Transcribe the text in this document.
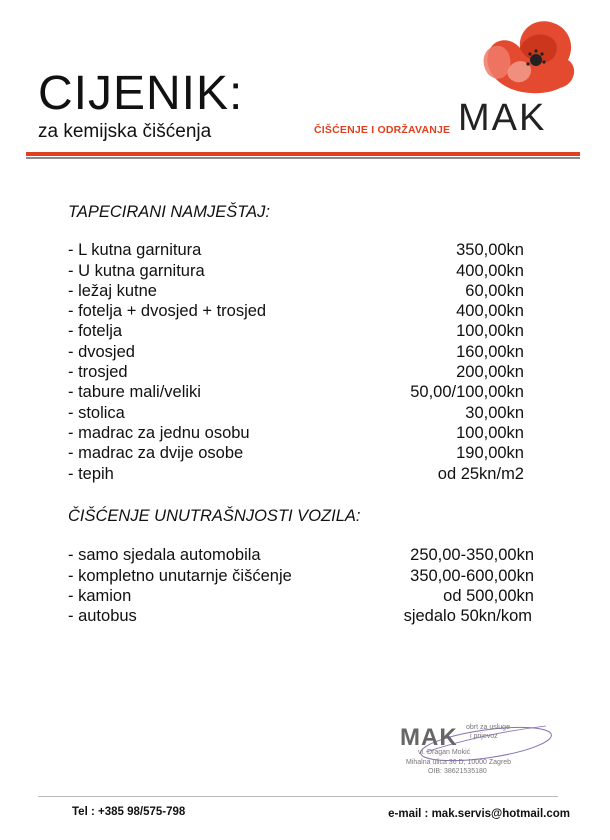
CIJENIK:
za kemijska čišćenja	ČIŠĆENJE I ODRŽAVANJE MAK
TAPECIRANI NAMJEŠTAJ:
- L kutna garnitura	350,00kn
- U kutna garnitura	400,00kn
- ležaj kutne	60,00kn
- fotelja + dvosjed + trosjed	400,00kn
- fotelja	100,00kn
- dvosjed	160,00kn
- trosjed	200,00kn
- tabure mali/veliki	50,00/100,00kn
- stolica	30,00kn
- madrac za jednu osobu	100,00kn
- madrac za dvije osobe	190,00kn
- tepih	od 25kn/m2
ČIŠĆENJE UNUTRAŠNJOSTI VOZILA:
- samo sjedala automobila	250,00-350,00kn
- kompletno unutarnje čišćenje	350,00-600,00kn
- kamion	od 500,00kn
- autobus	sjedalo 50kn/kom
MAK obrt za usluge
i prijevoz
vl. Dragan Mokić
Mihalna ulica 36 D, 10000 Zagreb
OIB: 38621535180
Tel : +385 98/575-798	e-mail : mak.servis@hotmail.com
